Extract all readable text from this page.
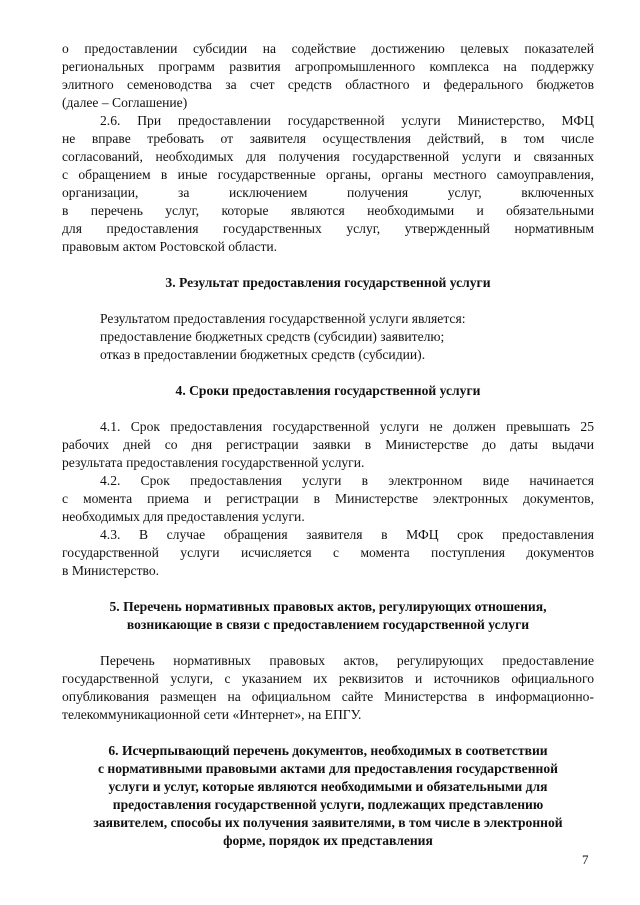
о предоставлении субсидии на содействие достижению целевых показателей
региональных программ развития агропромышленного комплекса на поддержку
элитного семеноводства за счет средств областного и федерального бюджетов
(далее – Соглашение)

2.6. При предоставлении государственной услуги Министерство, МФЦ
не вправе требовать от заявителя осуществления действий, в том числе
согласований, необходимых для получения государственной услуги и связанных
с обращением в иные государственные органы, органы местного самоуправления,
организации, за исключением получения услуг, включенных
в перечень услуг, которые являются необходимыми и обязательными
для предоставления государственных услуг, утвержденный нормативным
правовым актом Ростовской области.

3. Результат предоставления государственной услуги

Результатом предоставления государственной услуги является:
предоставление бюджетных средств (субсидии) заявителю;
отказ в предоставлении бюджетных средств (субсидии).

4. Сроки предоставления государственной услуги

4.1. Срок предоставления государственной услуги не должен превышать 25
рабочих дней со дня регистрации заявки в Министерстве до даты выдачи
результата предоставления государственной услуги.

4.2. Срок предоставления услуги в электронном виде начинается
с момента приема и регистрации в Министерстве электронных документов,
необходимых для предоставления услуги.

4.3. В случае обращения заявителя в МФЦ срок предоставления
государственной услуги исчисляется с момента поступления документов
в Министерство.

5. Перечень нормативных правовых актов, регулирующих отношения,
возникающие в связи с предоставлением государственной услуги

Перечень нормативных правовых актов, регулирующих предоставление
государственной услуги, с указанием их реквизитов и источников официального
опубликования размещен на официальном сайте Министерства в информационно-
телекоммуникационной сети «Интернет», на ЕПГУ.

6. Исчерпывающий перечень документов, необходимых в соответствии
с нормативными правовыми актами для предоставления государственной
услуги и услуг, которые являются необходимыми и обязательными для
предоставления государственной услуги, подлежащих представлению
заявителем, способы их получения заявителями, в том числе в электронной
форме, порядок их представления

7
